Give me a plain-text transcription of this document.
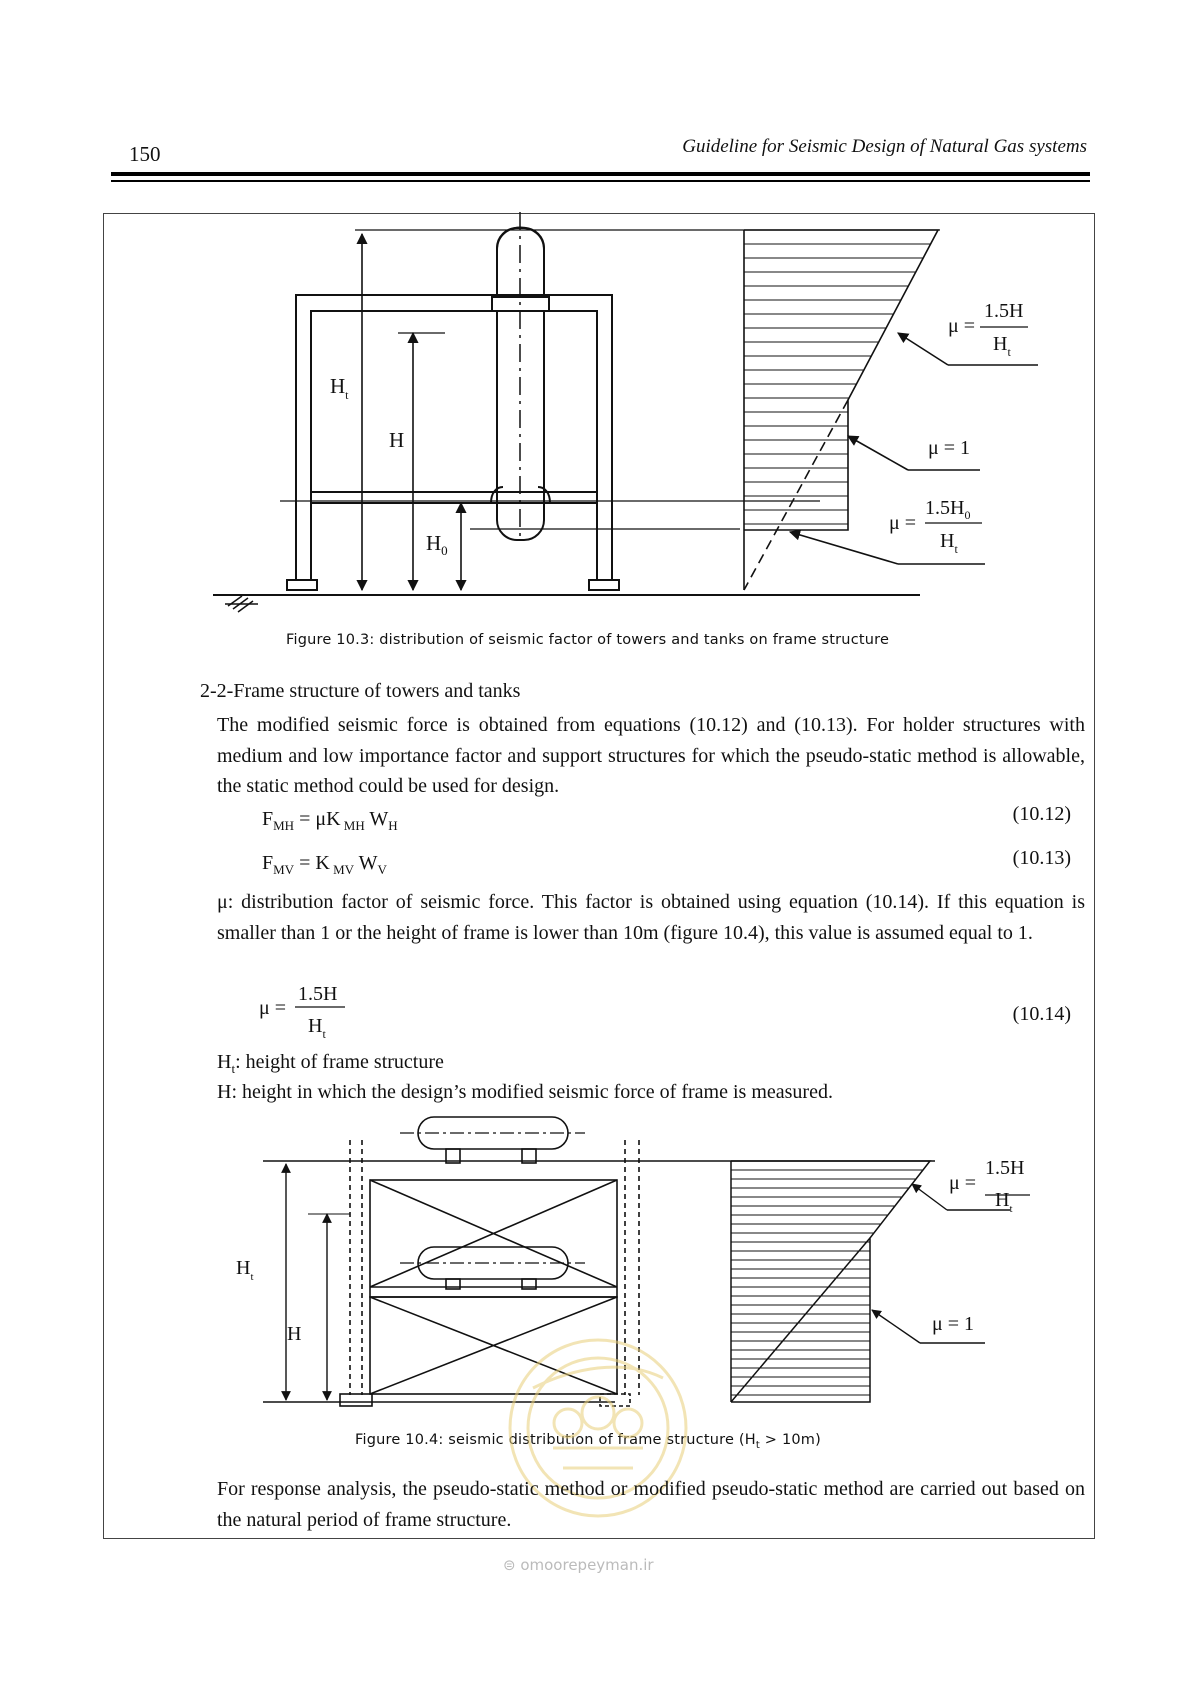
150	Guideline for Seismic Design of Natural Gas systems
$H_t$
H
$H_0$
μ =
1.5H
$H_t$
μ = 1
μ =
$1.5H_0$
$H_t$
Figure 10.3: distribution of seismic factor of towers and tanks on frame structure
2-2-Frame structure of towers and tanks
The modified seismic force is obtained from equations (10.12) and (10.13). For holder structures with medium and low importance factor and support structures for which the pseudo-static method is allowable, the static method could be used for design.
$F_{MH} = \mu K$ $_{MH}$ $W_H$
(10.12)
$F_{MV} = K$ $_{MV}$ $W_V$
(10.13)
μ: distribution factor of seismic force. This factor is obtained using equation (10.14). If this equation is smaller than 1 or the height of frame is lower than 10m (figure 10.4), this value is assumed equal to 1.
μ =
1.5H
$H_t$
(10.14)
$H_t$: height of frame structure
H: height in which the design’s modified seismic force of frame is measured.
$H_t$
H
μ =
1.5H
$H_t$
μ = 1
Figure 10.4: seismic distribution of frame structure $(H_t > 10m)$
For response analysis, the pseudo-static method or modified pseudo-static method are carried out based on the natural period of frame structure.
⊜ omoorepeyman.ir
